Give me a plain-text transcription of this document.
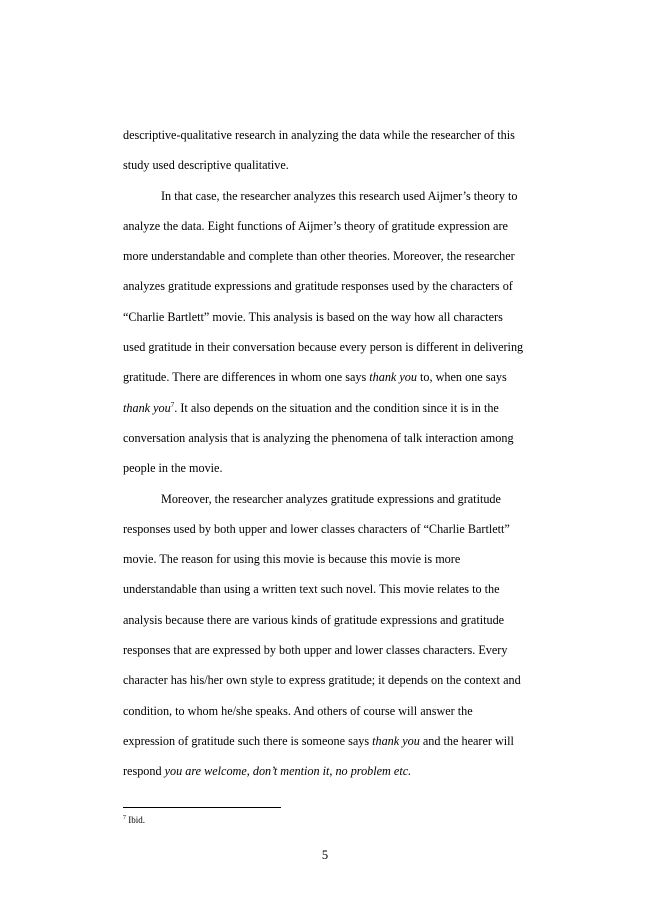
descriptive-qualitative research in analyzing the data while the researcher of this
study used descriptive qualitative.
In that case, the researcher analyzes this research used Aijmer’s theory to
analyze the data. Eight functions of Aijmer’s theory of gratitude expression are
more understandable and complete than other theories. Moreover, the researcher
analyzes gratitude expressions and gratitude responses used by the characters of
“Charlie Bartlett” movie. This analysis is based on the way how all characters
used gratitude in their conversation because every person is different in delivering
gratitude. There are differences in whom one says thank you to, when one says
thank you$^7$. It also depends on the situation and the condition since it is in the
conversation analysis that is analyzing the phenomena of talk interaction among
people in the movie.
Moreover, the researcher analyzes gratitude expressions and gratitude
responses used by both upper and lower classes characters of “Charlie Bartlett”
movie. The reason for using this movie is because this movie is more
understandable than using a written text such novel. This movie relates to the
analysis because there are various kinds of gratitude expressions and gratitude
responses that are expressed by both upper and lower classes characters. Every
character has his/her own style to express gratitude; it depends on the context and
condition, to whom he/she speaks. And others of course will answer the
expression of gratitude such there is someone says thank you and the hearer will
respond you are welcome, don’t mention it, no problem etc.
$^7$ Ibid.
5
